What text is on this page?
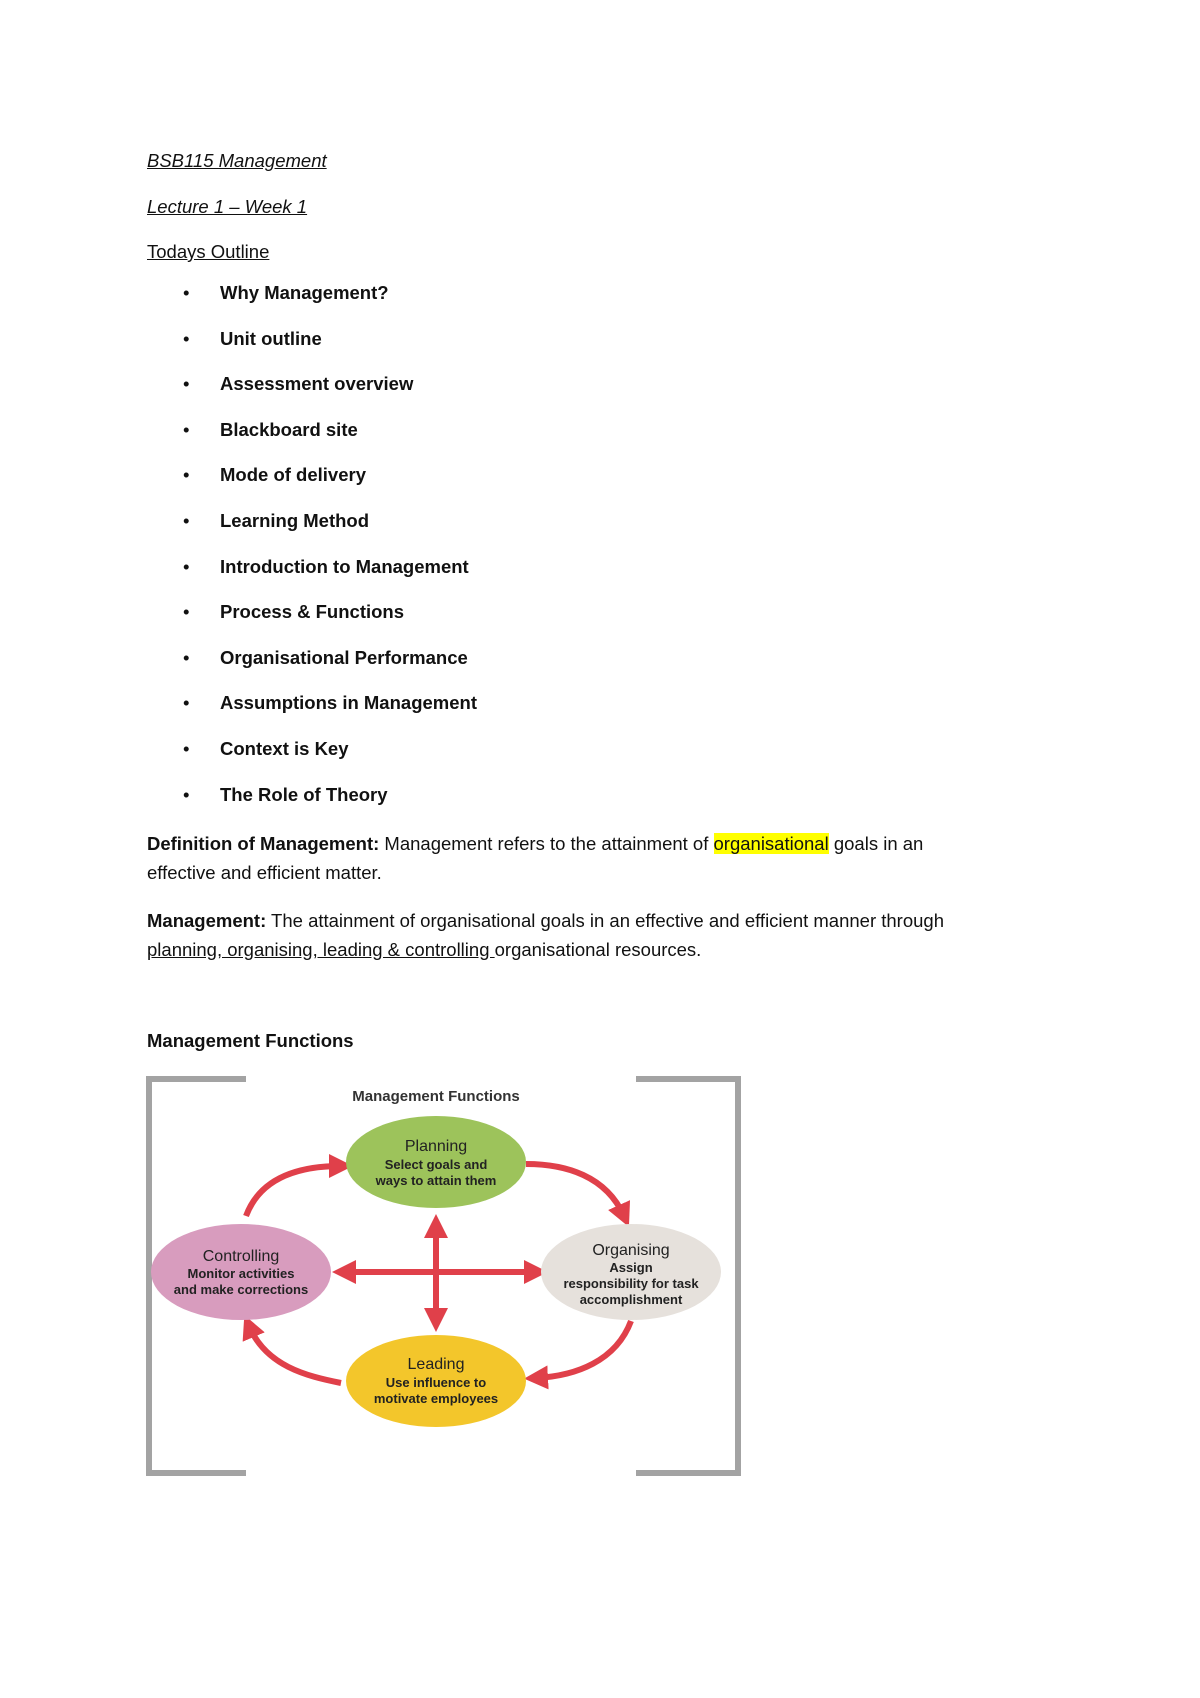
BSB115 Management
Lecture 1 – Week 1
Todays Outline
• Why Management?
• Unit outline
• Assessment overview
• Blackboard site
• Mode of delivery
• Learning Method
• Introduction to Management
• Process & Functions
• Organisational Performance
• Assumptions in Management
• Context is Key
• The Role of Theory
Definition of Management: Management refers to the attainment of organisational goals in an
effective and efficient matter.
Management: The attainment of organisational goals in an effective and efficient manner through
planning, organising, leading & controlling organisational resources.
Management Functions
Management Functions
Planning
Select goals and
ways to attain them
Organising
Assign
responsibility for task
accomplishment
Leading
Use influence to
motivate employees
Controlling
Monitor activities
and make corrections
